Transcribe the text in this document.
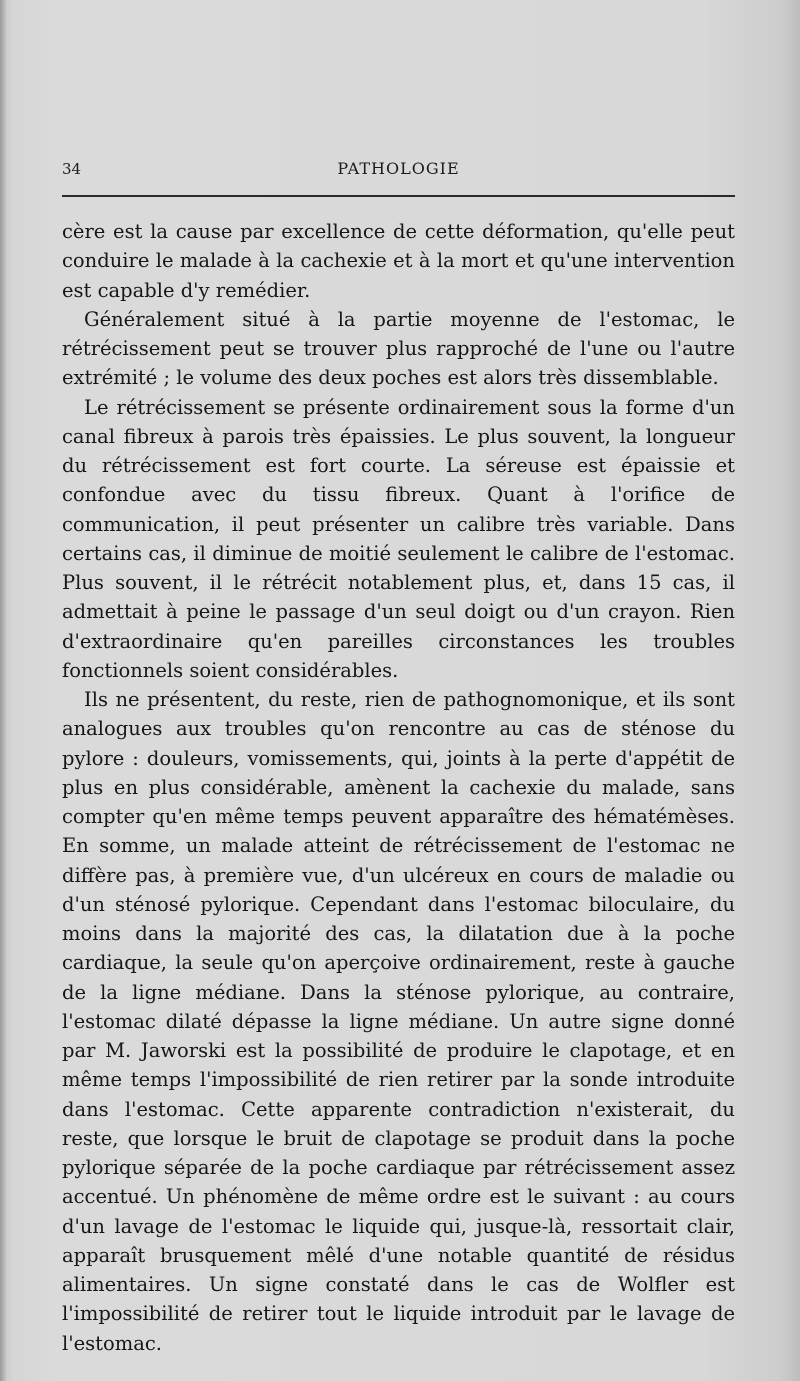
34	PATHOLOGIE

cère est la cause par excellence de cette déformation, qu'elle peut conduire le malade à la cachexie et à la mort et qu'une intervention est capable d'y remédier.

Généralement situé à la partie moyenne de l'estomac, le rétrécissement peut se trouver plus rapproché de l'une ou l'autre extrémité ; le volume des deux poches est alors très dissemblable.

Le rétrécissement se présente ordinairement sous la forme d'un canal fibreux à parois très épaissies. Le plus souvent, la longueur du rétrécissement est fort courte. La séreuse est épaissie et confondue avec du tissu fibreux. Quant à l'orifice de communication, il peut présenter un calibre très variable. Dans certains cas, il diminue de moitié seulement le calibre de l'estomac. Plus souvent, il le rétrécit notablement plus, et, dans 15 cas, il admettait à peine le passage d'un seul doigt ou d'un crayon. Rien d'extraordinaire qu'en pareilles circonstances les troubles fonctionnels soient considérables.

Ils ne présentent, du reste, rien de pathognomonique, et ils sont analogues aux troubles qu'on rencontre au cas de sténose du pylore : douleurs, vomissements, qui, joints à la perte d'appétit de plus en plus considérable, amènent la cachexie du malade, sans compter qu'en même temps peuvent apparaître des hématémèses. En somme, un malade atteint de rétrécissement de l'estomac ne diffère pas, à première vue, d'un ulcéreux en cours de maladie ou d'un sténosé pylorique. Cependant dans l'estomac biloculaire, du moins dans la majorité des cas, la dilatation due à la poche cardiaque, la seule qu'on aperçoive ordinairement, reste à gauche de la ligne médiane. Dans la sténose pylorique, au contraire, l'estomac dilaté dépasse la ligne médiane. Un autre signe donné par M. Jaworski est la possibilité de produire le clapotage, et en même temps l'impossibilité de rien retirer par la sonde introduite dans l'estomac. Cette apparente contradiction n'existerait, du reste, que lorsque le bruit de clapotage se produit dans la poche pylorique séparée de la poche cardiaque par rétrécissement assez accentué. Un phénomène de même ordre est le suivant : au cours d'un lavage de l'estomac le liquide qui, jusque-là, ressortait clair, apparaît brusquement mêlé d'une notable quantité de résidus alimentaires. Un signe constaté dans le cas de Wolfler est l'impossibilité de retirer tout le liquide introduit par le lavage de l'estomac.
